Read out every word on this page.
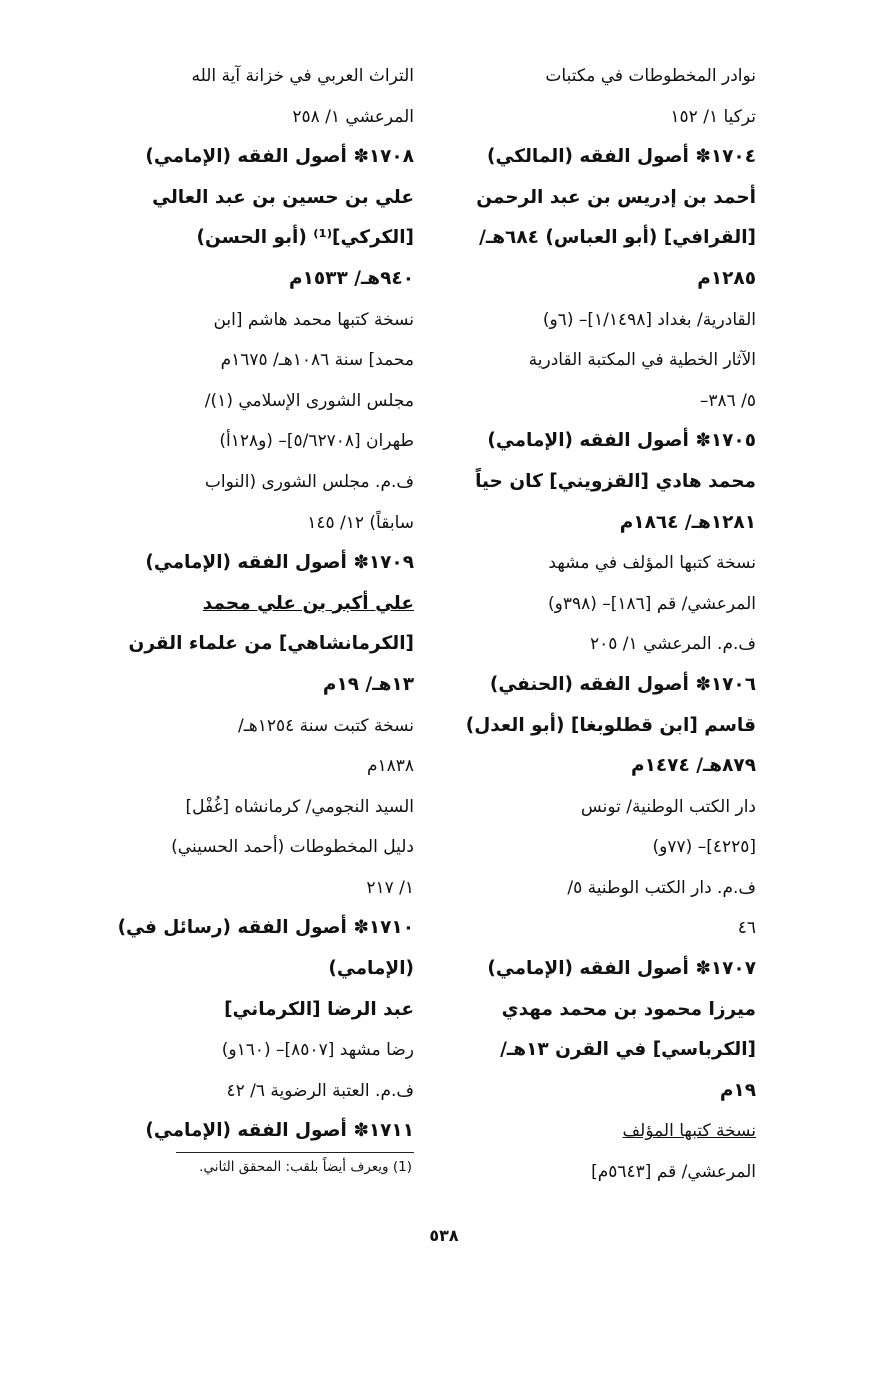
نوادر المخطوطات في مكتبات
تركيا ١/ ١٥٢
١٧٠٤✽ أصول الفقه (المالكي)
أحمد بن إدريس بن عبد الرحمن
[القرافي] (أبو العباس) ٦٨٤هـ/
١٢٨٥م
القادرية/ بغداد [١/١٤٩٨]– (٦و)
الآثار الخطية في المكتبة القادرية
٥/ ٣٨٦–
١٧٠٥✽ أصول الفقه (الإمامي)
محمد هادي [القزويني] كان حياً
١٢٨١هـ/ ١٨٦٤م
نسخة كتبها المؤلف في مشهد
المرعشي/ قم [١٨٦]– (٣٩٨و)
ف.م. المرعشي ١/ ٢٠٥
١٧٠٦✽ أصول الفقه (الحنفي)
قاسم [ابن قطلوبغا] (أبو العدل)
٨٧٩هـ/ ١٤٧٤م
دار الكتب الوطنية/ تونس
[٤٢٢٥]– (٧٧و)
ف.م. دار الكتب الوطنية ٥/
٤٦
١٧٠٧✽ أصول الفقه (الإمامي)
ميرزا محمود بن محمد مهدي
[الكرباسي] في القرن ١٣هـ/
١٩م
نسخة كتبها المؤلف
المرعشي/ قم [٥٦٤٣م]
التراث العربي في خزانة آية الله
المرعشي ١/ ٢٥٨
١٧٠٨✽ أصول الفقه (الإمامي)
علي بن حسين بن عبد العالي
[الكركي]⁽¹⁾ (أبو الحسن)
٩٤٠هـ/ ١٥٣٣م
نسخة كتبها محمد هاشم [ابن
محمد] سنة ١٠٨٦هـ/ ١٦٧٥م
مجلس الشورى الإسلامي (١)/
طهران [٥/٦٢٧٠٨]– (و١٢٨أ)
ف.م. مجلس الشورى (النواب
سابقاً) ١٢/ ١٤٥
١٧٠٩✽ أصول الفقه (الإمامي)
علي أكبر بن علي محمد
[الكرمانشاهي] من علماء القرن
١٣هـ/ ١٩م
نسخة كتبت سنة ١٢٥٤هـ/
١٨٣٨م
السيد النجومي/ كرمانشاه [غُفْل]
دليل المخطوطات (أحمد الحسيني)
١/ ٢١٧
١٧١٠✽ أصول الفقه (رسائل في)
(الإمامي)
عبد الرضا [الكرماني]
رضا مشهد [٨٥٠٧]– (١٦٠و)
ف.م. العتبة الرضوية ٦/ ٤٢
١٧١١✽ أصول الفقه (الإمامي)
(1) ويعرف أيضاً بلقب: المحقق الثاني.
٥٣٨
